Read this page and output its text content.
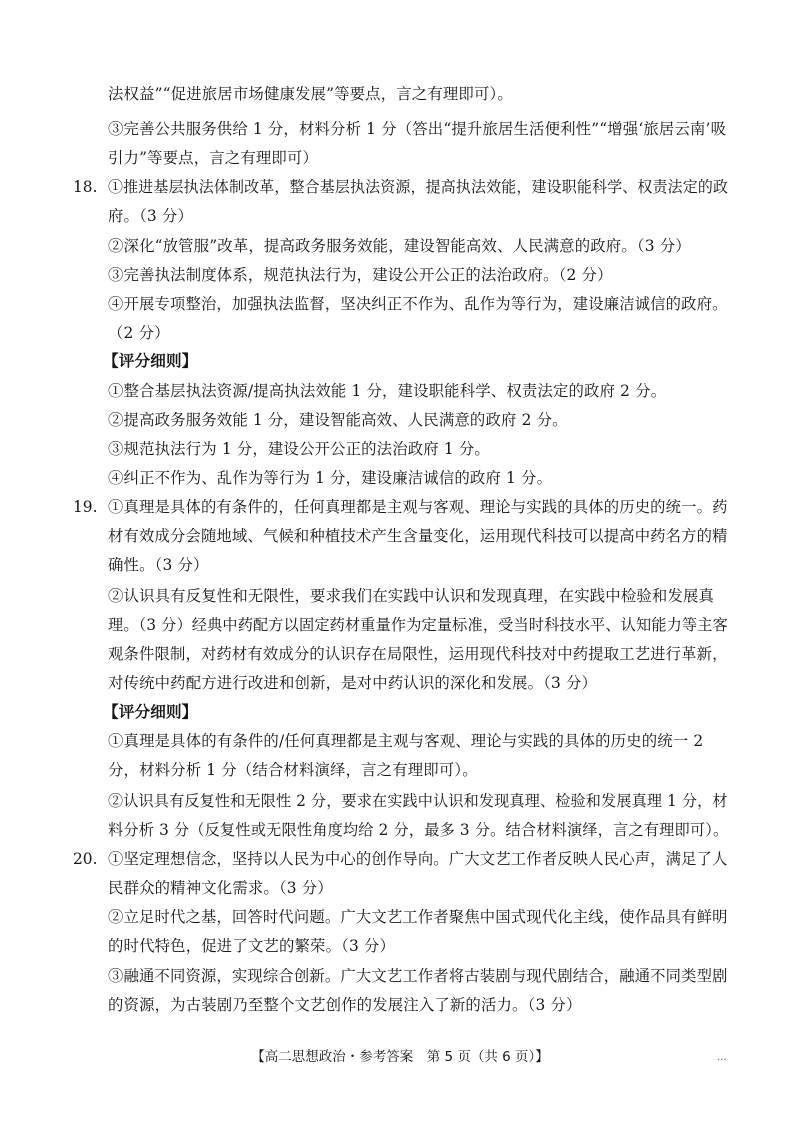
法权益”“促进旅居市场健康发展”等要点，言之有理即可）。
③完善公共服务供给 1 分，材料分析 1 分（答出“提升旅居生活便利性”“增强‘旅居云南’吸
引力”等要点，言之有理即可）
18. ①推进基层执法体制改革，整合基层执法资源，提高执法效能，建设职能科学、权责法定的政
府。（3 分）
②深化“放管服”改革，提高政务服务效能，建设智能高效、人民满意的政府。（3 分）
③完善执法制度体系，规范执法行为，建设公开公正的法治政府。（2 分）
④开展专项整治，加强执法监督，坚决纠正不作为、乱作为等行为，建设廉洁诚信的政府。
（2 分）
【评分细则】
①整合基层执法资源/提高执法效能 1 分，建设职能科学、权责法定的政府 2 分。
②提高政务服务效能 1 分，建设智能高效、人民满意的政府 2 分。
③规范执法行为 1 分，建设公开公正的法治政府 1 分。
④纠正不作为、乱作为等行为 1 分，建设廉洁诚信的政府 1 分。
19. ①真理是具体的有条件的，任何真理都是主观与客观、理论与实践的具体的历史的统一。药
材有效成分会随地域、气候和种植技术产生含量变化，运用现代科技可以提高中药名方的精
确性。（3 分）
②认识具有反复性和无限性，要求我们在实践中认识和发现真理，在实践中检验和发展真
理。（3 分）经典中药配方以固定药材重量作为定量标准，受当时科技水平、认知能力等主客
观条件限制，对药材有效成分的认识存在局限性，运用现代科技对中药提取工艺进行革新，
对传统中药配方进行改进和创新，是对中药认识的深化和发展。（3 分）
【评分细则】
①真理是具体的有条件的/任何真理都是主观与客观、理论与实践的具体的历史的统一 2
分，材料分析 1 分（结合材料演绎，言之有理即可）。
②认识具有反复性和无限性 2 分，要求在实践中认识和发现真理、检验和发展真理 1 分，材
料分析 3 分（反复性或无限性角度均给 2 分，最多 3 分。结合材料演绎，言之有理即可）。
20. ①坚定理想信念，坚持以人民为中心的创作导向。广大文艺工作者反映人民心声，满足了人
民群众的精神文化需求。（3 分）
②立足时代之基，回答时代问题。广大文艺工作者聚焦中国式现代化主线，使作品具有鲜明
的时代特色，促进了文艺的繁荣。（3 分）
③融通不同资源，实现综合创新。广大文艺工作者将古装剧与现代剧结合，融通不同类型剧
的资源，为古装剧乃至整个文艺创作的发展注入了新的活力。（3 分）
【高二思想政治・参考答案　第 5 页（共 6 页）】	...
